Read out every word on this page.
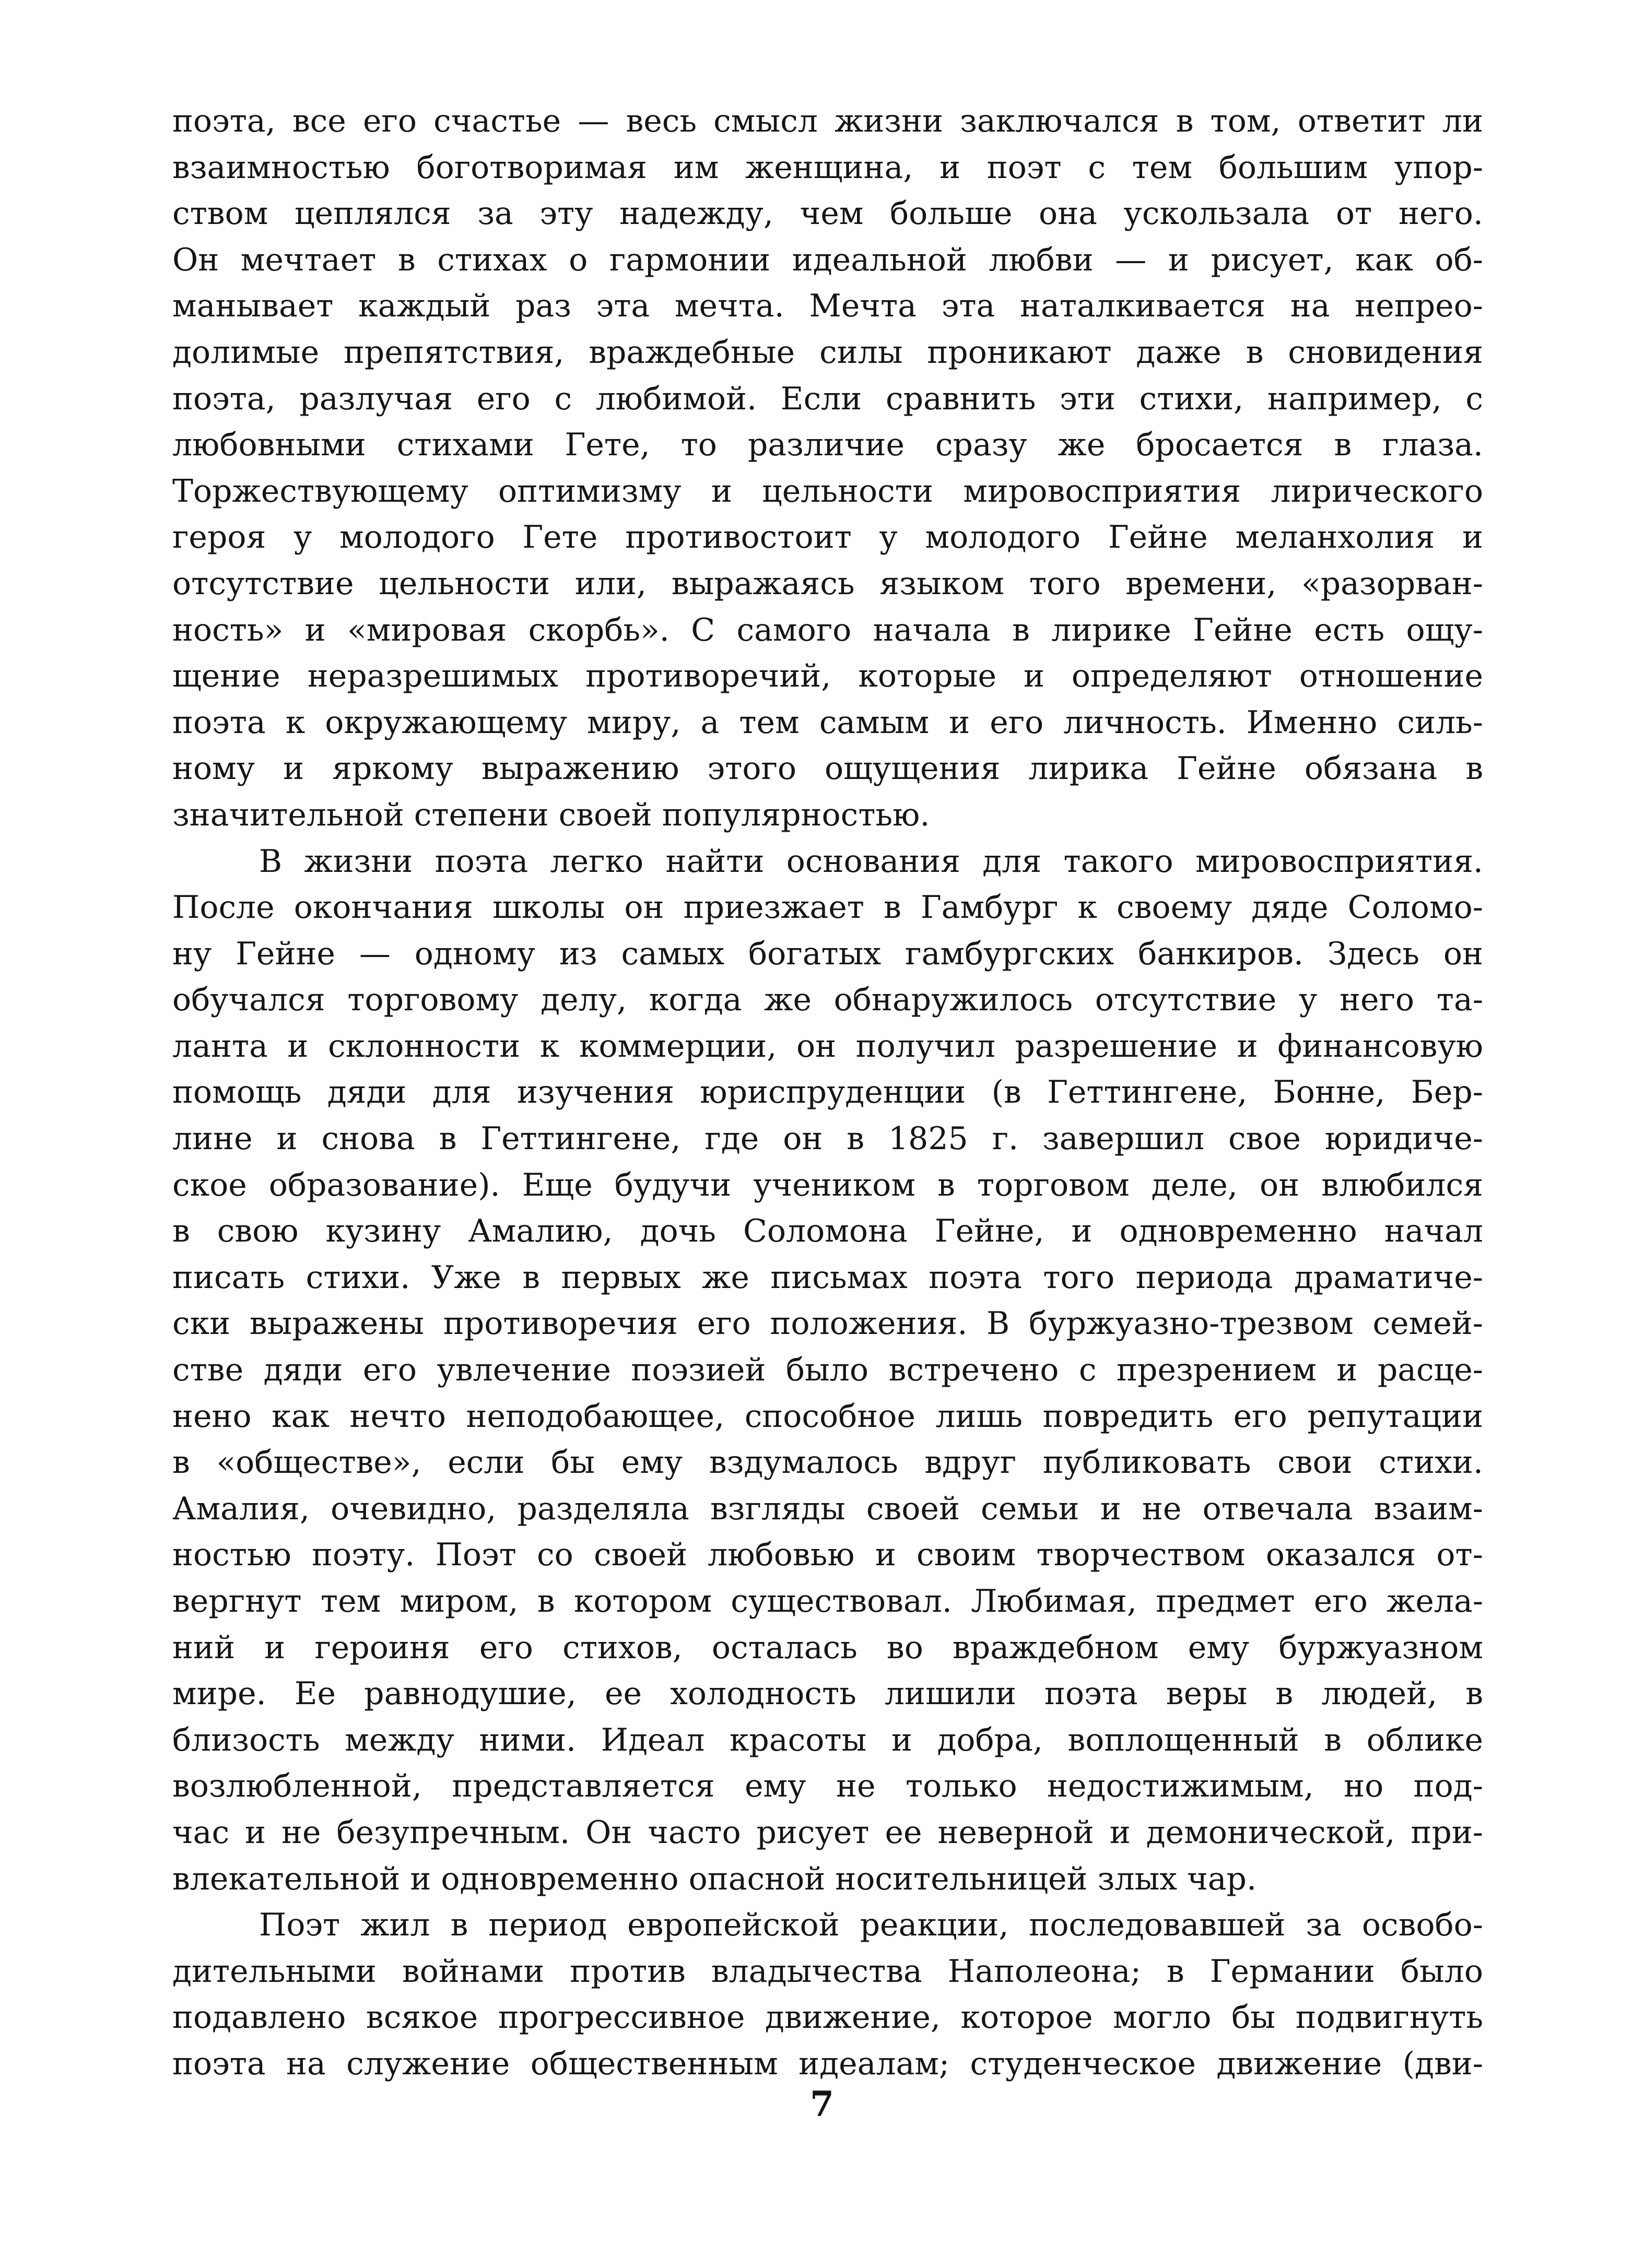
поэта, все его счастье — весь смысл жизни заключался в том, ответит ли
взаимностью боготворимая им женщина, и поэт с тем большим упор-
ством цеплялся за эту надежду, чем больше она ускользала от него.
Он мечтает в стихах о гармонии идеальной любви — и рисует, как об-
манывает каждый раз эта мечта. Мечта эта наталкивается на непрео-
долимые препятствия, враждебные силы проникают даже в сновидения
поэта, разлучая его с любимой. Если сравнить эти стихи, например, с
любовными стихами Гете, то различие сразу же бросается в глаза.
Торжествующему оптимизму и цельности мировосприятия лирического
героя у молодого Гете противостоит у молодого Гейне меланхолия и
отсутствие цельности или, выражаясь языком того времени, «разорван-
ность» и «мировая скорбь». С самого начала в лирике Гейне есть ощу-
щение неразрешимых противоречий, которые и определяют отношение
поэта к окружающему миру, а тем самым и его личность. Именно силь-
ному и яркому выражению этого ощущения лирика Гейне обязана в
значительной степени своей популярностью.
В жизни поэта легко найти основания для такого мировосприятия.
После окончания школы он приезжает в Гамбург к своему дяде Соломо-
ну Гейне — одному из самых богатых гамбургских банкиров. Здесь он
обучался торговому делу, когда же обнаружилось отсутствие у него та-
ланта и склонности к коммерции, он получил разрешение и финансовую
помощь дяди для изучения юриспруденции (в Геттингене, Бонне, Бер-
лине и снова в Геттингене, где он в 1825 г. завершил свое юридиче-
ское образование). Еще будучи учеником в торговом деле, он влюбился
в свою кузину Амалию, дочь Соломона Гейне, и одновременно начал
писать стихи. Уже в первых же письмах поэта того периода драматиче-
ски выражены противоречия его положения. В буржуазно-трезвом семей-
стве дяди его увлечение поэзией было встречено с презрением и расце-
нено как нечто неподобающее, способное лишь повредить его репутации
в «обществе», если бы ему вздумалось вдруг публиковать свои стихи.
Амалия, очевидно, разделяла взгляды своей семьи и не отвечала взаим-
ностью поэту. Поэт со своей любовью и своим творчеством оказался от-
вергнут тем миром, в котором существовал. Любимая, предмет его жела-
ний и героиня его стихов, осталась во враждебном ему буржуазном
мире. Ее равнодушие, ее холодность лишили поэта веры в людей, в
близость между ними. Идеал красоты и добра, воплощенный в облике
возлюбленной, представляется ему не только недостижимым, но под-
час и не безупречным. Он часто рисует ее неверной и демонической, при-
влекательной и одновременно опасной носительницей злых чар.
Поэт жил в период европейской реакции, последовавшей за освобо-
дительными войнами против владычества Наполеона; в Германии было
подавлено всякое прогрессивное движение, которое могло бы подвигнуть
поэта на служение общественным идеалам; студенческое движение (дви-
7
